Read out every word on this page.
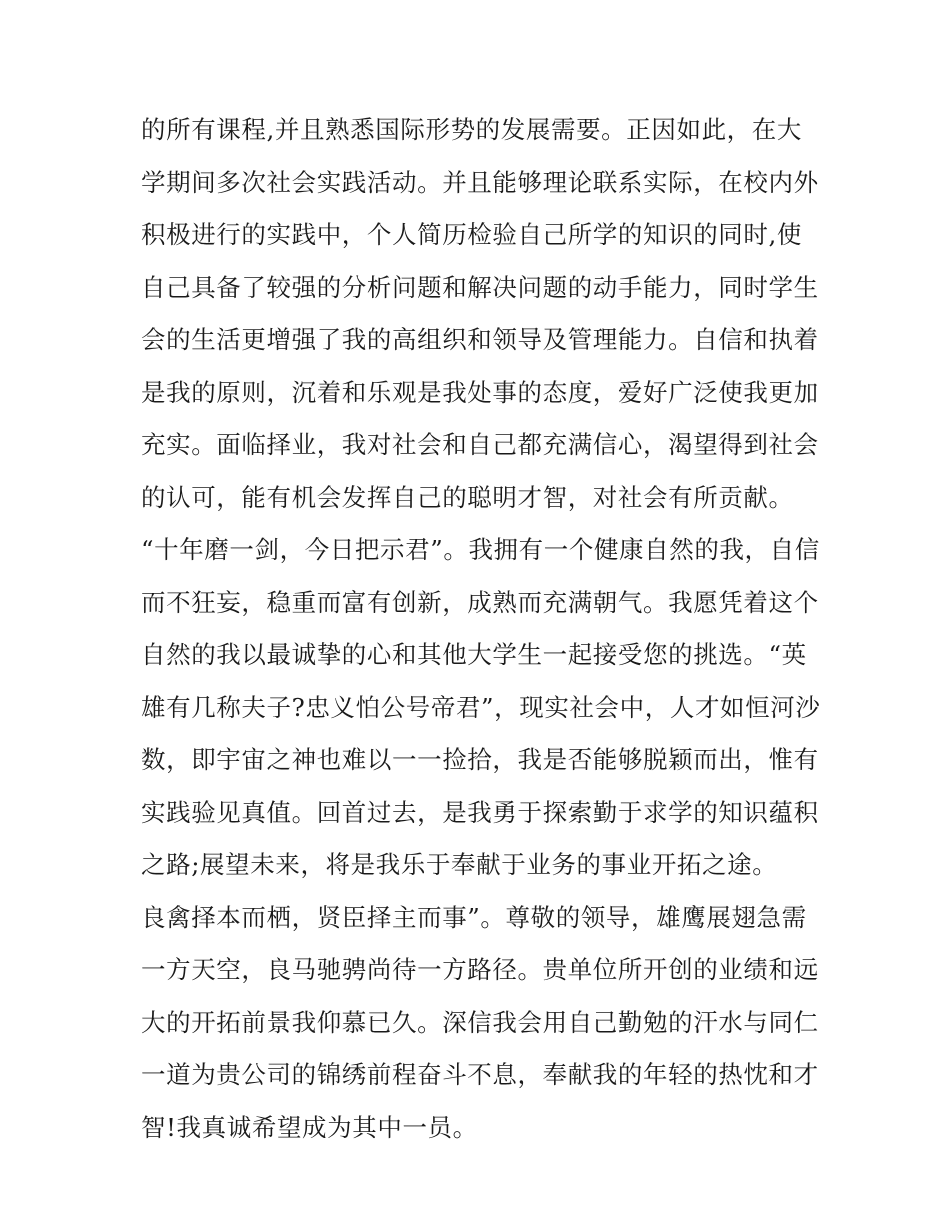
的所有课程,并且熟悉国际形势的发展需要。正因如此，在大
学期间多次社会实践活动。并且能够理论联系实际，在校内外
积极进行的实践中，个人简历检验自己所学的知识的同时,使
自己具备了较强的分析问题和解决问题的动手能力，同时学生
会的生活更增强了我的高组织和领导及管理能力。自信和执着
是我的原则，沉着和乐观是我处事的态度，爱好广泛使我更加
充实。面临择业，我对社会和自己都充满信心，渴望得到社会
的认可，能有机会发挥自己的聪明才智，对社会有所贡献。
“十年磨一剑，今日把示君”。我拥有一个健康自然的我，自信
而不狂妄，稳重而富有创新，成熟而充满朝气。我愿凭着这个
自然的我以最诚挚的心和其他大学生一起接受您的挑选。“英
雄有几称夫子?忠义怕公号帝君”，现实社会中，人才如恒河沙
数，即宇宙之神也难以一一捡拾，我是否能够脱颖而出，惟有
实践验见真值。回首过去，是我勇于探索勤于求学的知识蕴积
之路;展望未来，将是我乐于奉献于业务的事业开拓之途。
良禽择本而栖，贤臣择主而事”。尊敬的领导，雄鹰展翅急需
一方天空，良马驰骋尚待一方路径。贵单位所开创的业绩和远
大的开拓前景我仰慕已久。深信我会用自己勤勉的汗水与同仁
一道为贵公司的锦绣前程奋斗不息，奉献我的年轻的热忱和才
智!我真诚希望成为其中一员。
